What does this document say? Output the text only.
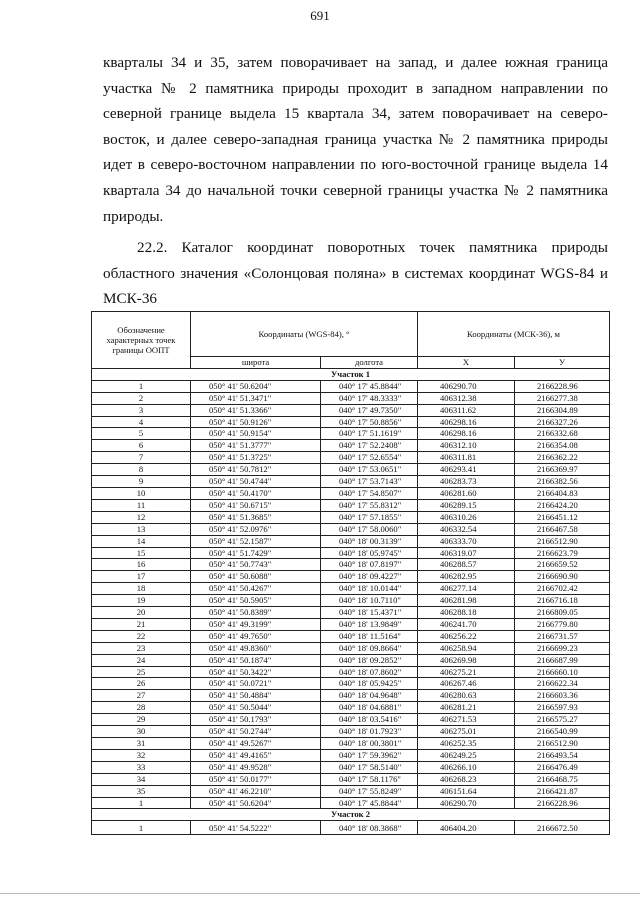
691

кварталы 34 и 35, затем поворачивает на запад, и далее южная граница участка № 2 памятника природы проходит в западном направлении по северной границе выдела 15 квартала 34, затем поворачивает на северо-восток, и далее северо-западная граница участка № 2 памятника природы идет в северо-восточном направлении по юго-восточной границе выдела 14 квартала 34 до начальной точки северной границы участка № 2 памятника природы.

22.2. Каталог координат поворотных точек памятника природы областного значения «Солонцовая поляна» в системах координат WGS-84 и МСК-36

Обозначение характерных точек границы ООПТ	Координаты (WGS-84), °		Координаты (МСК-36), м	
	широта	долгота	X	У
Участок 1				
1	050° 41' 50.6204"	040° 17' 45.8844"	406290.70	2166228.96
2	050° 41' 51.3471"	040° 17' 48.3333"	406312.38	2166277.38
3	050° 41' 51.3366"	040° 17' 49.7350"	406311.62	2166304.89
4	050° 41' 50.9126"	040° 17' 50.8856"	406298.16	2166327.26
5	050° 41' 50.9154"	040° 17' 51.1619"	406298.16	2166332.68
6	050° 41' 51.3777"	040° 17' 52.2408"	406312.10	2166354.08
7	050° 41' 51.3725"	040° 17' 52.6554"	406311.81	2166362.22
8	050° 41' 50.7812"	040° 17' 53.0651"	406293.41	2166369.97
9	050° 41' 50.4744"	040° 17' 53.7143"	406283.73	2166382.56
10	050° 41' 50.4170"	040° 17' 54.8507"	406281.60	2166404.83
11	050° 41' 50.6715"	040° 17' 55.8312"	406289.15	2166424.20
12	050° 41' 51.3685"	040° 17' 57.1855"	406310.26	2166451.12
13	050° 41' 52.0976"	040° 17' 58.0060"	406332.54	2166467.58
14	050° 41' 52.1587"	040° 18' 00.3139"	406333.70	2166512.90
15	050° 41' 51.7429"	040° 18' 05.9745"	406319.07	2166623.79
16	050° 41' 50.7743"	040° 18' 07.8197"	406288.57	2166659.52
17	050° 41' 50.6088"	040° 18' 09.4227"	406282.95	2166690.90
18	050° 41' 50.4267"	040° 18' 10.0144"	406277.14	2166702.42
19	050° 41' 50.5905"	040° 18' 10.7110"	406281.98	2166716.18
20	050° 41' 50.8389"	040° 18' 15.4371"	406288.18	2166809.05
21	050° 41' 49.3199"	040° 18' 13.9849"	406241.70	2166779.80
22	050° 41' 49.7650"	040° 18' 11.5164"	406256.22	2166731.57
23	050° 41' 49.8360"	040° 18' 09.8664"	406258.94	2166699.23
24	050° 41' 50.1874"	040° 18' 09.2852"	406269.98	2166687.99
25	050° 41' 50.3422"	040° 18' 07.8602"	406275.21	2166660.10
26	050° 41' 50.0721"	040° 18' 05.9425"	406267.46	2166622.34
27	050° 41' 50.4884"	040° 18' 04.9648"	406280.63	2166603.36
28	050° 41' 50.5044"	040° 18' 04.6881"	406281.21	2166597.93
29	050° 41' 50.1793"	040° 18' 03.5416"	406271.53	2166575.27
30	050° 41' 50.2744"	040° 18' 01.7923"	406275.01	2166540.99
31	050° 41' 49.5267"	040° 18' 00.3801"	406252.35	2166512.90
32	050° 41' 49.4165"	040° 17' 59.3962"	406249.25	2166493.54
33	050° 41' 49.9528"	040° 17' 58.5140"	406266.10	2166476.49
34	050° 41' 50.0177"	040° 17' 58.1176"	406268.23	2166468.75
35	050° 41' 46.2210"	040° 17' 55.8249"	406151.64	2166421.87
1	050° 41' 50.6204"	040° 17' 45.8844"	406290.70	2166228.96
Участок 2				
1	050° 41' 54.5222"	040° 18' 08.3868"	406404.20	2166672.50
